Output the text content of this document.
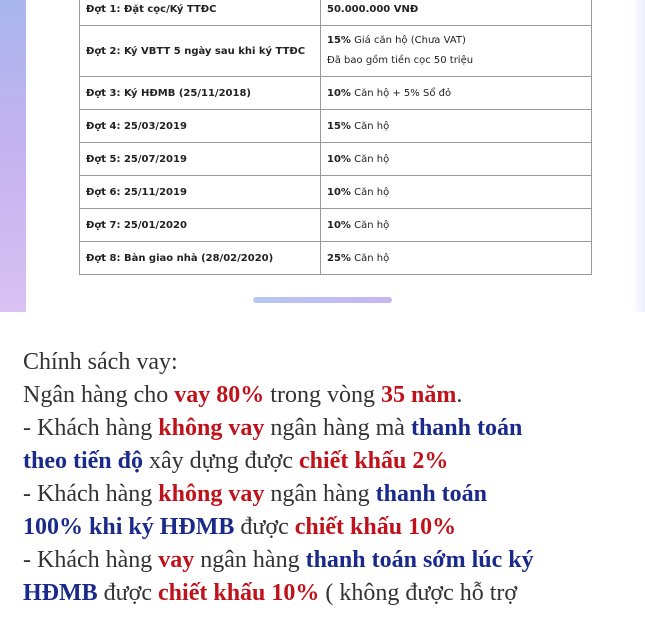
Đợt 1: Đặt cọc/Ký TTĐC	50.000.000 VNĐ
Đợt 2: Ký VBTT 5 ngày sau khi ký TTĐC	15% Giá căn hộ (Chưa VAT)
Đã bao gồm tiền cọc 50 triệu

Đợt 3: Ký HĐMB (25/11/2018)	10% Căn hộ + 5% Sổ đỏ
Đợt 4: 25/03/2019	15% Căn hộ
Đợt 5: 25/07/2019	10% Căn hộ
Đợt 6: 25/11/2019	10% Căn hộ
Đợt 7: 25/01/2020	10% Căn hộ
Đợt 8: Bàn giao nhà (28/02/2020)	25% Căn hộ
Chính sách vay:
Ngân hàng cho vay 80% trong vòng 35 năm.
- Khách hàng không vay ngân hàng mà thanh toán
theo tiến độ xây dựng được chiết khấu 2%
- Khách hàng không vay ngân hàng thanh toán
100% khi ký HĐMB được chiết khấu 10%
- Khách hàng vay ngân hàng thanh toán sớm lúc ký
HĐMB được chiết khấu 10% ( không được hỗ trợ
